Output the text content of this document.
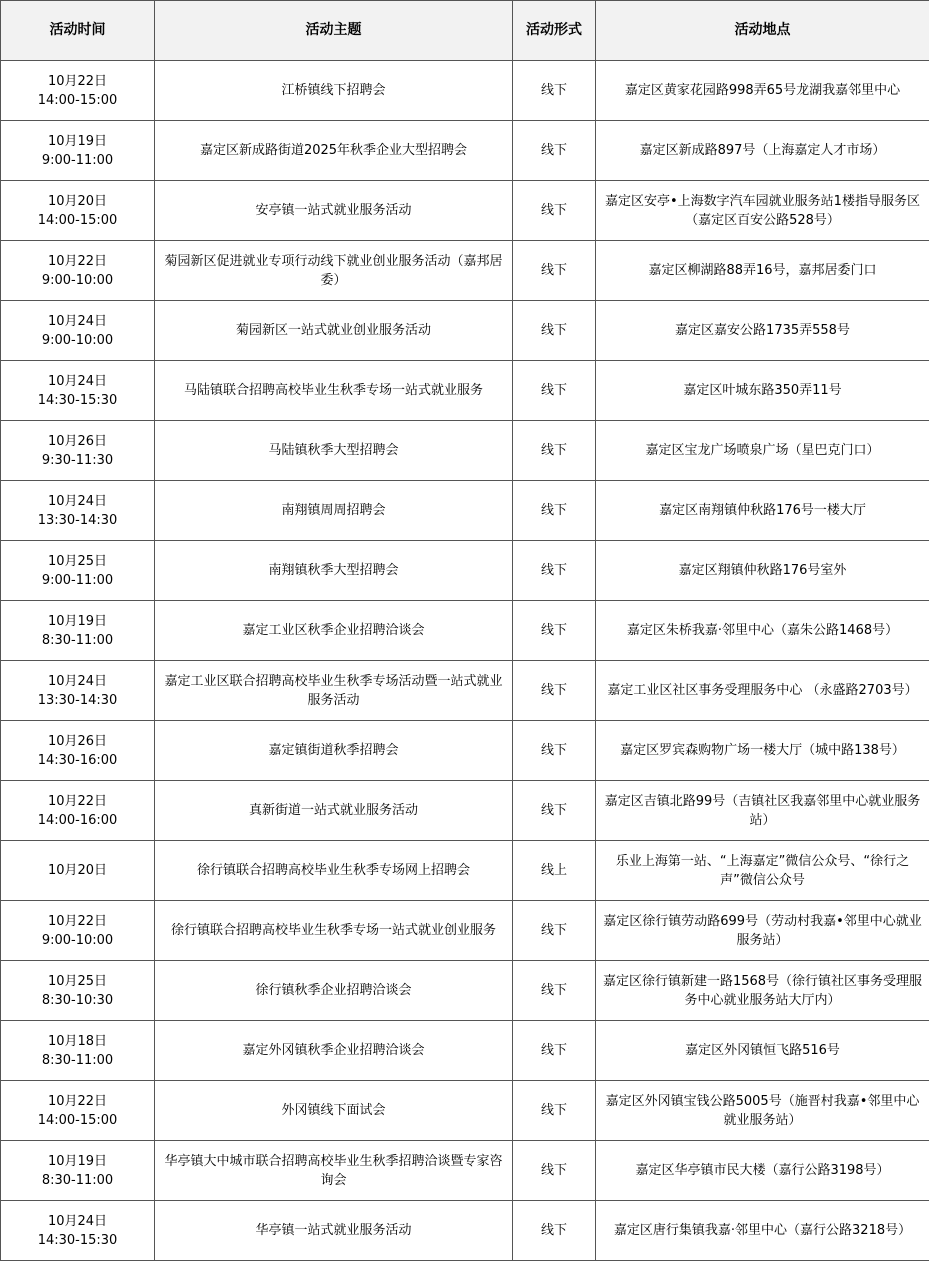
活动时间	活动主题	活动形式	活动地点

10月22日
14:00-15:00	江桥镇线下招聘会	线下	嘉定区黄家花园路998弄65号龙湖我嘉邻里中心

10月19日
9:00-11:00	嘉定区新成路街道2025年秋季企业大型招聘会	线下	嘉定区新成路897号（上海嘉定人才市场）

10月20日
14:00-15:00	安亭镇一站式就业服务活动	线下	嘉定区安亭•上海数字汽车园就业服务站1楼指导服务区（嘉定区百安公路528号）

10月22日
9:00-10:00	菊园新区促进就业专项行动线下就业创业服务活动（嘉邦居委）	线下	嘉定区柳湖路88弄16号，嘉邦居委门口

10月24日
9:00-10:00	菊园新区一站式就业创业服务活动	线下	嘉定区嘉安公路1735弄558号

10月24日
14:30-15:30	马陆镇联合招聘高校毕业生秋季专场一站式就业服务	线下	嘉定区叶城东路350弄11号

10月26日
9:30-11:30	马陆镇秋季大型招聘会	线下	嘉定区宝龙广场喷泉广场（星巴克门口）

10月24日
13:30-14:30	南翔镇周周招聘会	线下	嘉定区南翔镇仲秋路176号一楼大厅

10月25日
9:00-11:00	南翔镇秋季大型招聘会	线下	嘉定区翔镇仲秋路176号室外

10月19日
8:30-11:00	嘉定工业区秋季企业招聘洽谈会	线下	嘉定区朱桥我嘉·邻里中心（嘉朱公路1468号）

10月24日
13:30-14:30	嘉定工业区联合招聘高校毕业生秋季专场活动暨一站式就业服务活动	线下	嘉定工业区社区事务受理服务中心 （永盛路2703号）

10月26日
14:30-16:00	嘉定镇街道秋季招聘会	线下	嘉定区罗宾森购物广场一楼大厅（城中路138号）

10月22日
14:00-16:00	真新街道一站式就业服务活动	线下	嘉定区吉镇北路99号（吉镇社区我嘉邻里中心就业服务站）

10月20日	徐行镇联合招聘高校毕业生秋季专场网上招聘会	线上	乐业上海第一站、“上海嘉定”微信公众号、“徐行之声”微信公众号

10月22日
9:00-10:00	徐行镇联合招聘高校毕业生秋季专场一站式就业创业服务	线下	嘉定区徐行镇劳动路699号（劳动村我嘉•邻里中心就业服务站）

10月25日
8:30-10:30	徐行镇秋季企业招聘洽谈会	线下	嘉定区徐行镇新建一路1568号（徐行镇社区事务受理服务中心就业服务站大厅内）

10月18日
8:30-11:00	嘉定外冈镇秋季企业招聘洽谈会	线下	嘉定区外冈镇恒飞路516号

10月22日
14:00-15:00	外冈镇线下面试会	线下	嘉定区外冈镇宝钱公路5005号（施晋村我嘉•邻里中心就业服务站）

10月19日
8:30-11:00	华亭镇大中城市联合招聘高校毕业生秋季招聘洽谈暨专家咨询会	线下	嘉定区华亭镇市民大楼（嘉行公路3198号）

10月24日
14:30-15:30	华亭镇一站式就业服务活动	线下	嘉定区唐行集镇我嘉·邻里中心（嘉行公路3218号）
